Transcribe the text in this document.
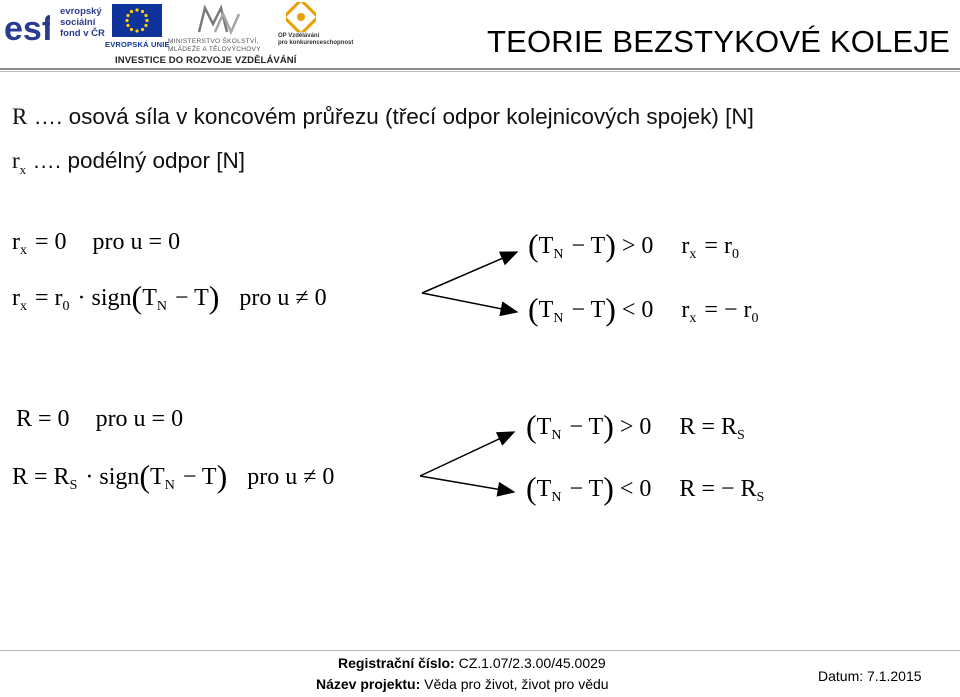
esf evropský
sociální
fond v ČR
EVROPSKÁ UNIE
MINISTERSTVO ŠKOLSTVÍ,
MLÁDEŽE A TĚLOVÝCHOVY
OP Vzdělávání
pro konkurenceschopnost
INVESTICE DO ROZVOJE VZDĚLÁVÁNÍ
TEORIE BEZSTYKOVÉ KOLEJE
R …. osová síla v koncovém průřezu (třecí odpor kolejnicových spojek) [N]
$r_x$ …. podélný odpor [N]
$r_x = 0$ pro u = 0
$r_x = r_0$ · $sign(T_N - T)$ pro u ≠ 0
$(T_N - T) > 0$ $r_x = r_0$
$(T_N - T) < 0$ $r_x$ = − $r_0$
R = 0 pro u = 0
$R = R_S$ · $sign(T_N - T)$ pro u ≠ 0
$(T_N - T) > 0$ $R = R_S$
$(T_N - T) < 0$ R = − $R_S$
Registrační číslo: CZ.1.07/2.3.00/45.0029
Název projektu: Věda pro život, život pro vědu	Datum: 7.1.2015
